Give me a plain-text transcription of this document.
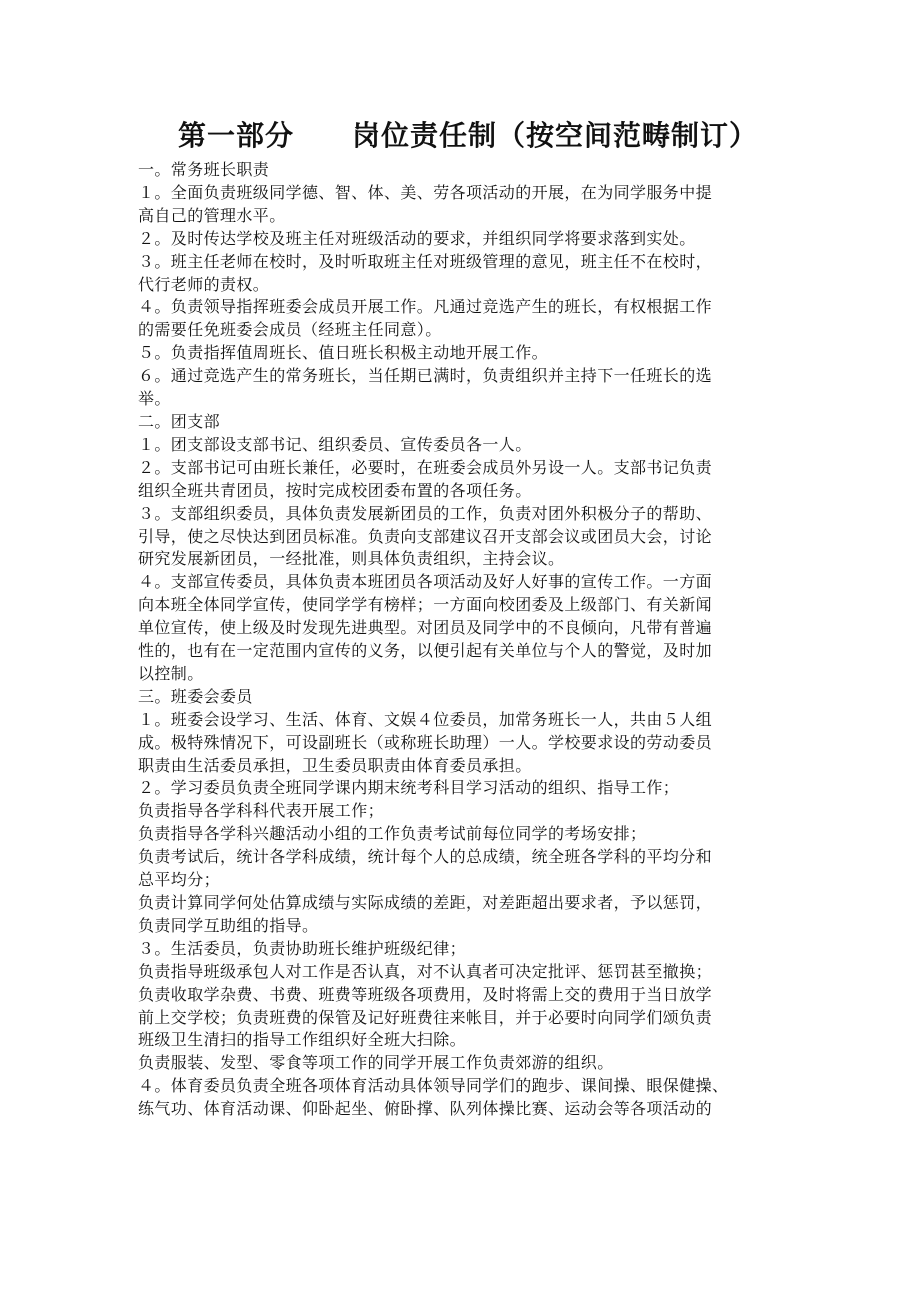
第一部分　　岗位责任制（按空间范畴制订）

一。常务班长职责

１。全面负责班级同学德、智、体、美、劳各项活动的开展，在为同学服务中提

高自己的管理水平。

２。及时传达学校及班主任对班级活动的要求，并组织同学将要求落到实处。

３。班主任老师在校时，及时听取班主任对班级管理的意见，班主任不在校时，

代行老师的责权。

４。负责领导指挥班委会成员开展工作。凡通过竞选产生的班长，有权根据工作

的需要任免班委会成员（经班主任同意）。

５。负责指挥值周班长、值日班长积极主动地开展工作。

６。通过竞选产生的常务班长，当任期已满时，负责组织并主持下一任班长的选

举。

二。团支部

１。团支部设支部书记、组织委员、宣传委员各一人。

２。支部书记可由班长兼任，必要时，在班委会成员外另设一人。支部书记负责

组织全班共青团员，按时完成校团委布置的各项任务。

３。支部组织委员，具体负责发展新团员的工作，负责对团外积极分子的帮助、

引导，使之尽快达到团员标准。负责向支部建议召开支部会议或团员大会，讨论

研究发展新团员，一经批准，则具体负责组织，主持会议。

４。支部宣传委员，具体负责本班团员各项活动及好人好事的宣传工作。一方面

向本班全体同学宣传，使同学学有榜样；一方面向校团委及上级部门、有关新闻

单位宣传，使上级及时发现先进典型。对团员及同学中的不良倾向，凡带有普遍

性的，也有在一定范围内宣传的义务，以便引起有关单位与个人的警觉，及时加

以控制。

三。班委会委员

１。班委会设学习、生活、体育、文娱４位委员，加常务班长一人，共由５人组

成。极特殊情况下，可设副班长（或称班长助理）一人。学校要求设的劳动委员

职责由生活委员承担，卫生委员职责由体育委员承担。

２。学习委员负责全班同学课内期末统考科目学习活动的组织、指导工作；

负责指导各学科科代表开展工作；

负责指导各学科兴趣活动小组的工作负责考试前每位同学的考场安排；

负责考试后，统计各学科成绩，统计每个人的总成绩，统全班各学科的平均分和

总平均分；

负责计算同学何处估算成绩与实际成绩的差距，对差距超出要求者，予以惩罚，

负责同学互助组的指导。

３。生活委员，负责协助班长维护班级纪律；

负责指导班级承包人对工作是否认真，对不认真者可决定批评、惩罚甚至撤换；

负责收取学杂费、书费、班费等班级各项费用，及时将需上交的费用于当日放学

前上交学校；负责班费的保管及记好班费往来帐目，并于必要时向同学们颂负责

班级卫生清扫的指导工作组织好全班大扫除。

负责服装、发型、零食等项工作的同学开展工作负责郊游的组织。

４。体育委员负责全班各项体育活动具体领导同学们的跑步、课间操、眼保健操、

练气功、体育活动课、仰卧起坐、俯卧撑、队列体操比赛、运动会等各项活动的
